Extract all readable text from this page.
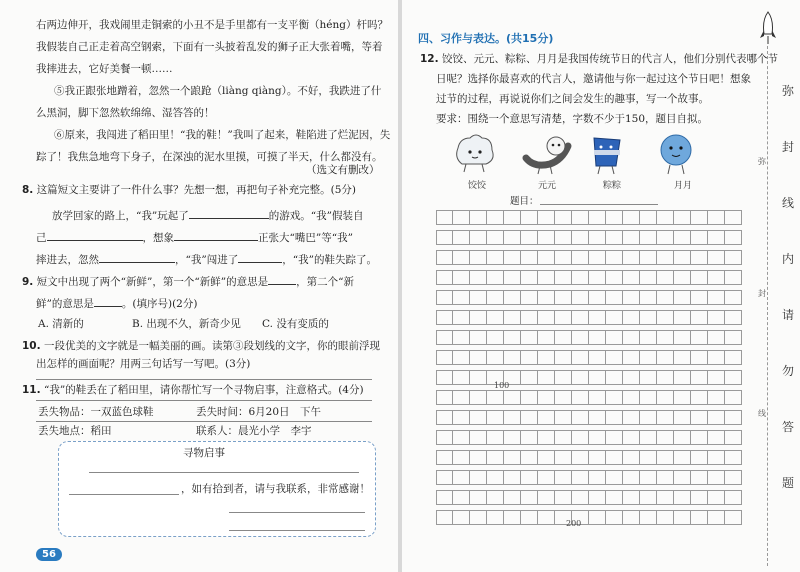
右两边伸开，我戏闹里走铜索的小丑不是手里都有一支平衡（héng）杆吗？
我假装自己正走着高空钢索，下面有一头披着乱发的狮子正大张着嘴，等着
我摔进去，它好美餐一顿……
⑤我正跟张地蹭着，忽然一个踉跄（liàng qiàng）。不好，我跌进了什
么黑洞，脚下忽然软绵绵、湿答答的！
⑥原来，我闯进了稻田里！“我的鞋！”我叫了起来，鞋陷进了烂泥因，失
踪了！我焦急地弯下身子，在深浊的泥水里摸，可摸了半天，什么都没有。
（选文有删改）
8. 这篇短文主要讲了一件什么事？先想一想，再把句子补充完整。(5分)
放学回家的路上，“我”玩起了	的游戏。“我”假装自
己	，想象	正张大“嘴巴”等“我”
摔进去，忽然	，“我”闯进了	，“我”的鞋失踪了。
9. 短文中出现了两个“新鲜”，第一个“新鲜”的意思是	，第二个“新
鲜”的意思是	。(填序号)(2分)
A. 清新的	B. 出现不久，新奇少见 C. 没有变质的
10. 一段优美的文字就是一幅美丽的画。读第③段划线的文字，你的眼前浮现
出怎样的画面呢？用两三句话写一写吧。(3分)
11. “我”的鞋丢在了稻田里，请你帮忙写一个寻物启事，注意格式。(4分)
丢失物品：一双蓝色球鞋	丢失时间：6月20日　下午
丢失地点：稻田	联系人：晨光小学　李宇
寻物启事
，如有拾到者，请与我联系，非常感谢！
56
四、习作与表达。(共15分)
12. 饺饺、元元、粽粽、月月是我国传统节日的代言人，他们分别代表哪个节
日呢？选择你最喜欢的代言人，邀请他与你一起过这个节日吧！想象
过节的过程，再说说你们之间会发生的趣事，写一个故事。
要求：围绕一个意思写清楚，字数不少于150，题目自拟。
饺饺	元元	粽粽	月月
题目：
100
200
弥
封
线
内
请
勿
答
题
弥
封
线
